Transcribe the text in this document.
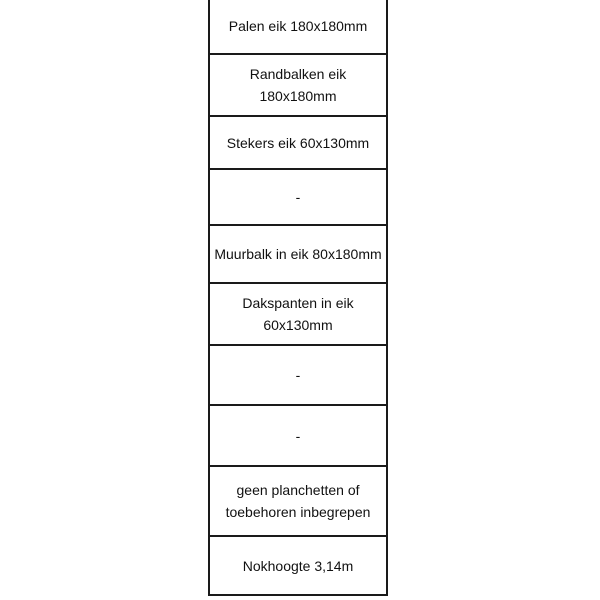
Palen eik 180x180mm
Randbalken eik 180x180mm
Stekers eik 60x130mm
-
Muurbalk in eik 80x180mm
Dakspanten in eik 60x130mm
-
-
geen planchetten of toebehoren inbegrepen
Nokhoogte 3,14m
